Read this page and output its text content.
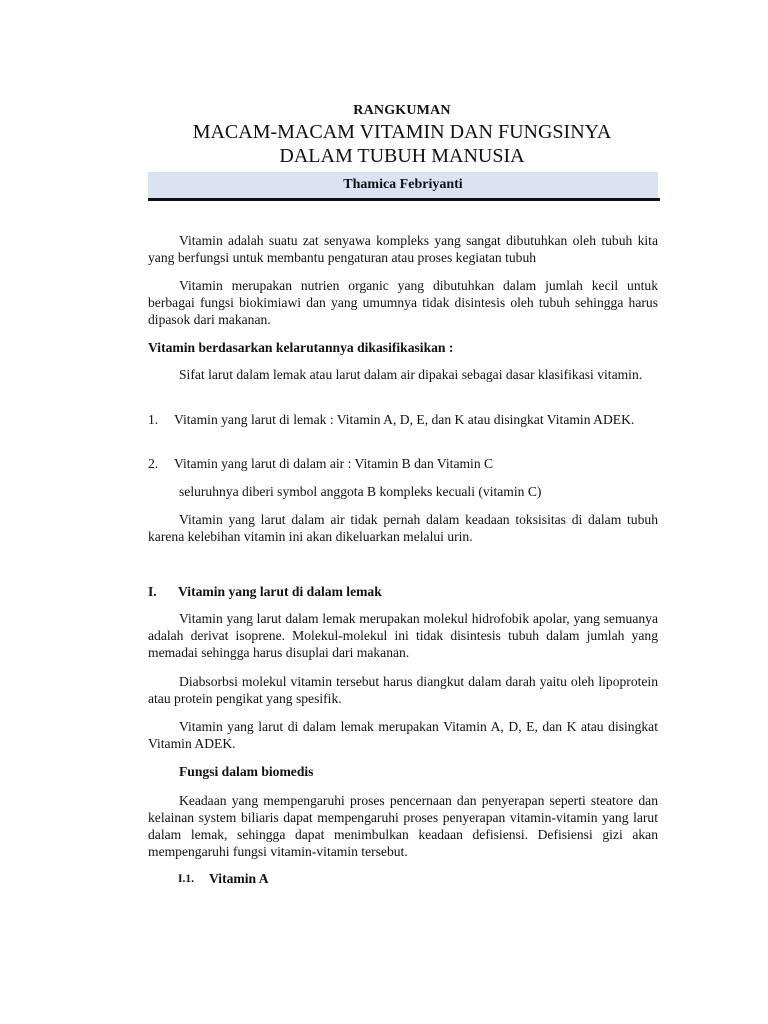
RANGKUMAN
MACAM-MACAM VITAMIN DAN FUNGSINYA
DALAM TUBUH MANUSIA
Thamica Febriyanti

Vitamin adalah suatu zat senyawa kompleks yang sangat dibutuhkan oleh tubuh kita yang berfungsi untuk membantu pengaturan atau proses kegiatan tubuh

Vitamin merupakan nutrien organic yang dibutuhkan dalam jumlah kecil untuk berbagai fungsi biokimiawi dan yang umumnya tidak disintesis oleh tubuh sehingga harus dipasok dari makanan.

Vitamin berdasarkan kelarutannya dikasifikasikan :

Sifat larut dalam lemak atau larut dalam air dipakai sebagai dasar klasifikasi vitamin.

1. Vitamin yang larut di lemak : Vitamin A, D, E, dan K atau disingkat Vitamin ADEK.
2. Vitamin yang larut di dalam air : Vitamin B dan Vitamin C

seluruhnya diberi symbol anggota B kompleks kecuali (vitamin C)

Vitamin yang larut dalam air tidak pernah dalam keadaan toksisitas di dalam tubuh karena kelebihan vitamin ini akan dikeluarkan melalui urin.

I. Vitamin yang larut di dalam lemak

Vitamin yang larut dalam lemak merupakan molekul hidrofobik apolar, yang semuanya adalah derivat isoprene. Molekul-molekul ini tidak disintesis tubuh dalam jumlah yang memadai sehingga harus disuplai dari makanan.

Diabsorbsi molekul vitamin tersebut harus diangkut dalam darah yaitu oleh lipoprotein atau protein pengikat yang spesifik.

Vitamin yang larut di dalam lemak merupakan Vitamin A, D, E, dan K atau disingkat Vitamin ADEK.

Fungsi dalam biomedis

Keadaan yang mempengaruhi proses pencernaan dan penyerapan seperti steatore dan kelainan system biliaris dapat mempengaruhi proses penyerapan vitamin-vitamin yang larut dalam lemak, sehingga dapat menimbulkan keadaan defisiensi. Defisiensi gizi akan mempengaruhi fungsi vitamin-vitamin tersebut.

I.1. Vitamin A
